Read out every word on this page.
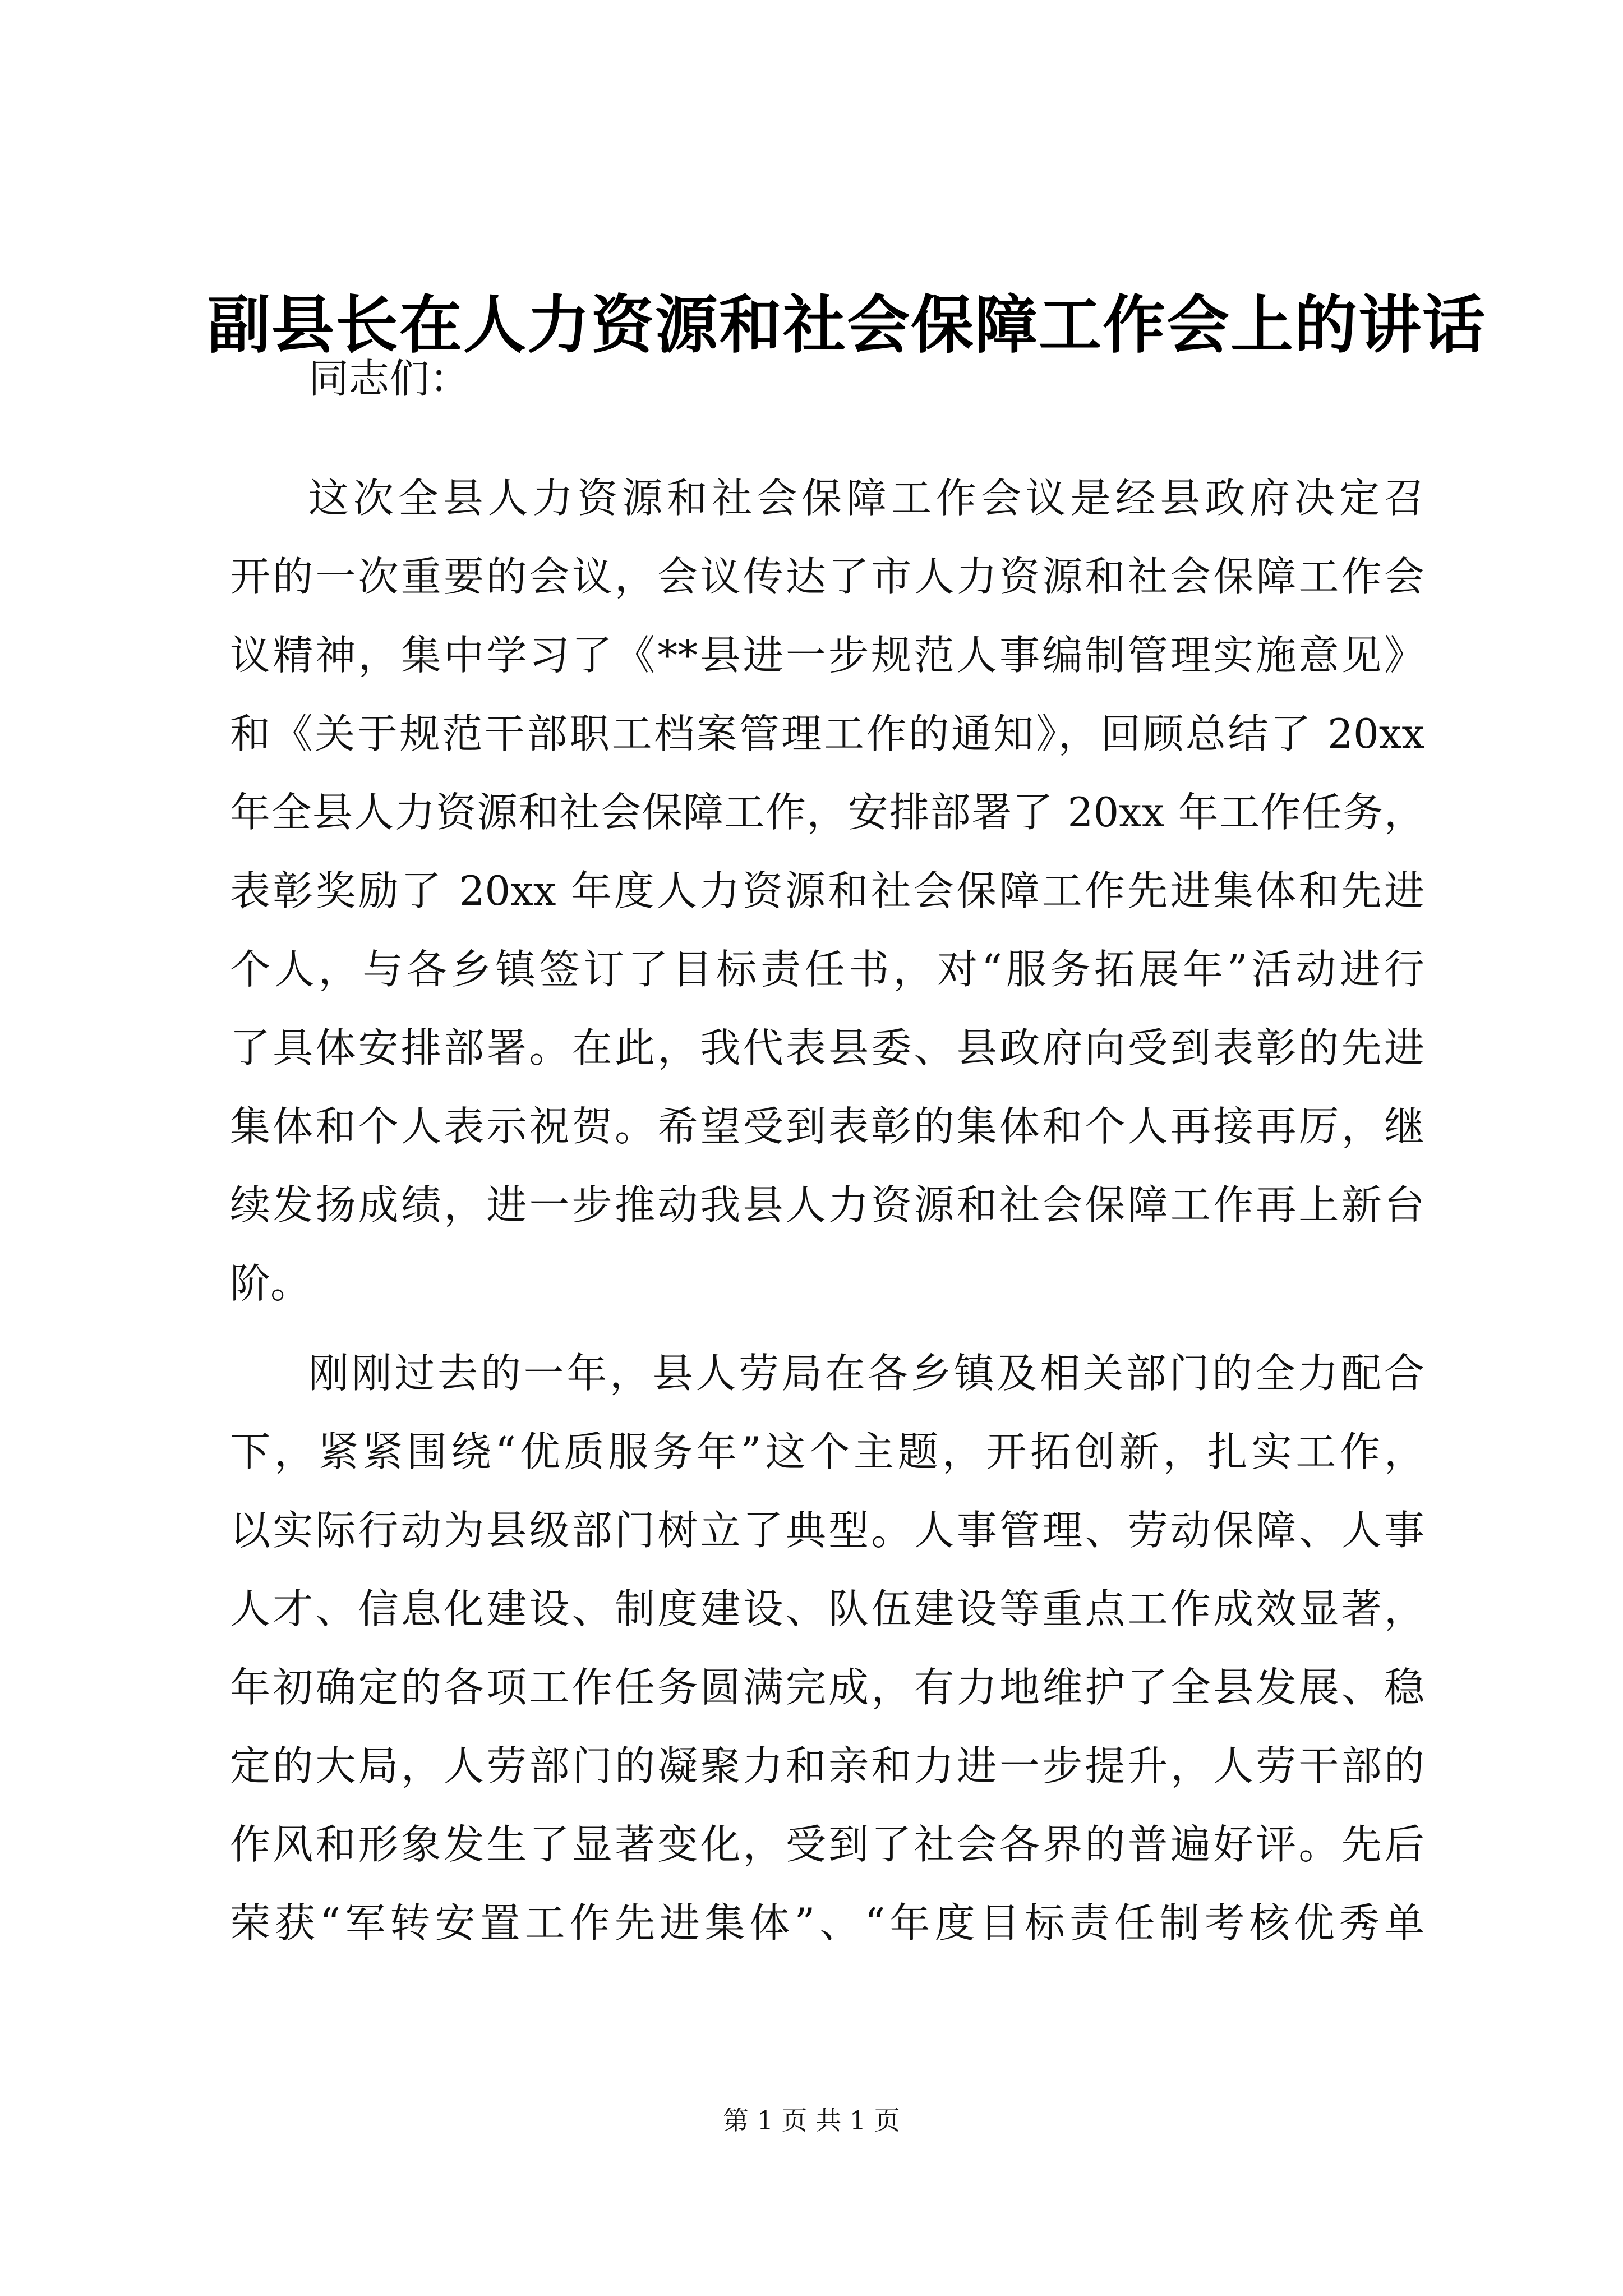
副县长在人力资源和社会保障工作会上的讲话
同志们：
这次全县人力资源和社会保障工作会议是经县政府决定召
开的一次重要的会议，会议传达了市人力资源和社会保障工作会
议精神，集中学习了《**县进一步规范人事编制管理实施意见》
和《关于规范干部职工档案管理工作的通知》，回顾总结了 20xx
年全县人力资源和社会保障工作，安排部署了 20xx 年工作任务，
表彰奖励了 20xx 年度人力资源和社会保障工作先进集体和先进
个人，与各乡镇签订了目标责任书，对“服务拓展年”活动进行
了具体安排部署。在此，我代表县委、县政府向受到表彰的先进
集体和个人表示祝贺。希望受到表彰的集体和个人再接再厉，继
续发扬成绩，进一步推动我县人力资源和社会保障工作再上新台
阶。
刚刚过去的一年，县人劳局在各乡镇及相关部门的全力配合
下，紧紧围绕“优质服务年”这个主题，开拓创新，扎实工作，
以实际行动为县级部门树立了典型。人事管理、劳动保障、人事
人才、信息化建设、制度建设、队伍建设等重点工作成效显著，
年初确定的各项工作任务圆满完成，有力地维护了全县发展、稳
定的大局，人劳部门的凝聚力和亲和力进一步提升，人劳干部的
作风和形象发生了显著变化，受到了社会各界的普遍好评。先后
荣获“军转安置工作先进集体”、“年度目标责任制考核优秀单
第 1 页 共 1 页
